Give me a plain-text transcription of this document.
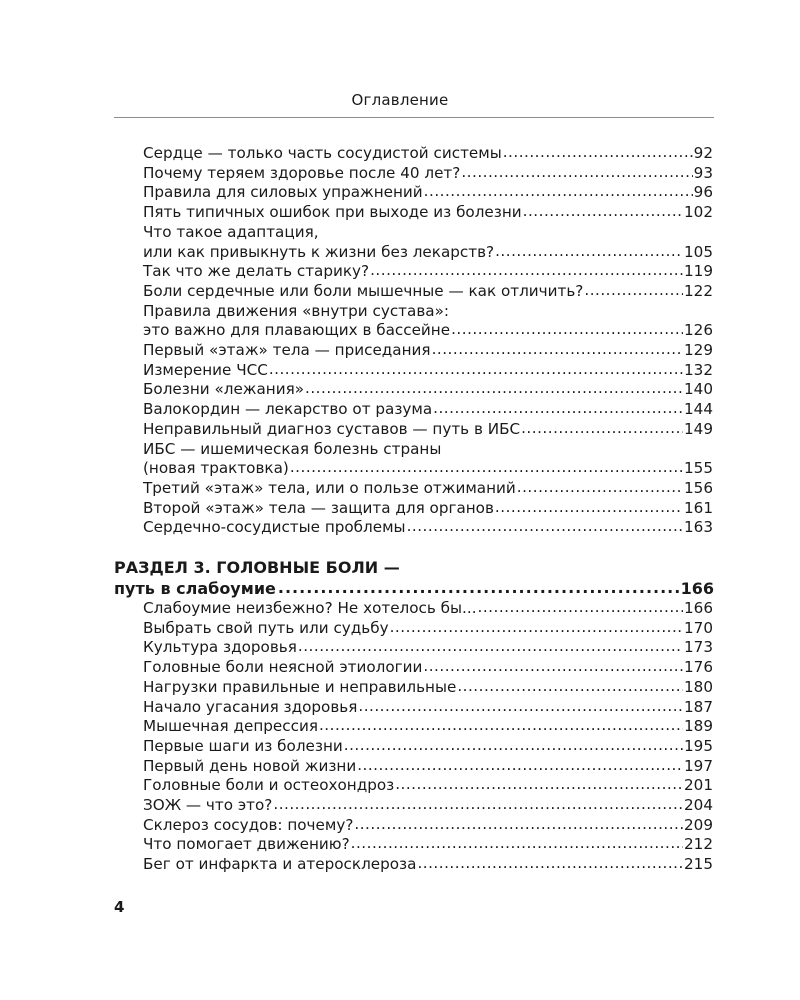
Оглавление
Сердце — только часть сосудистой системы .....	92
Почему теряем здоровье после 40 лет? .....	93
Правила для силовых упражнений .....	96
Пять типичных ошибок при выходе из болезни .....	102
Что такое адаптация,
или как привыкнуть к жизни без лекарств? .....	105
Так что же делать старику? .....	119
Боли сердечные или боли мышечные — как отличить? .....	122
Правила движения «внутри сустава»:
это важно для плавающих в бассейне .....	126
Первый «этаж» тела — приседания .....	129
Измерение ЧСС .....	132
Болезни «лежания» .....	140
Валокордин — лекарство от разума .....	144
Неправильный диагноз суставов — путь в ИБС .....	149
ИБС — ишемическая болезнь страны
(новая трактовка) .....	155
Третий «этаж» тела, или о пользе отжиманий .....	156
Второй «этаж» тела — защита для органов .....	161
Сердечно-сосудистые проблемы .....	163
Слабоумие неизбежно? Не хотелось бы... .....	166
Выбрать свой путь или судьбу .....	170
Культура здоровья .....	173
Головные боли неясной этиологии .....	176
Нагрузки правильные и неправильные .....	180
Начало угасания здоровья .....	187
Мышечная депрессия .....	189
Первые шаги из болезни .....	195
Первый день новой жизни .....	197
Головные боли и остеохондроз .....	201
ЗОЖ — что это? .....	204
Склероз сосудов: почему? .....	209
Что помогает движению? .....	212
Бег от инфаркта и атеросклероза .....	215
РАЗДЕЛ 3. ГОЛОВНЫЕ БОЛИ —
путь в слабоумие .....	166
4
